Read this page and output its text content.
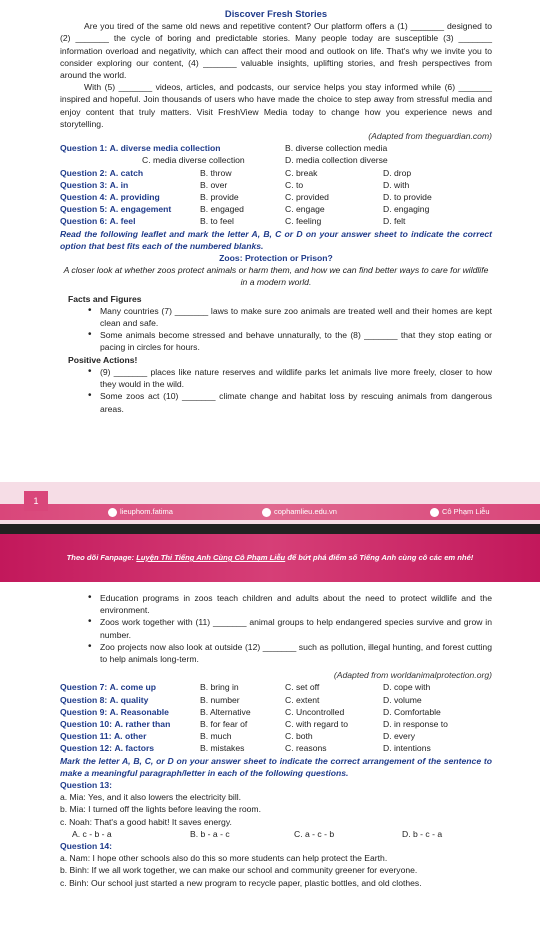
Discover Fresh Stories

Are you tired of the same old news and repetitive content? Our platform offers a (1) _______ designed to (2) _______ the cycle of boring and predictable stories. Many people today are susceptible (3) _______ information overload and negativity, which can affect their mood and outlook on life. That's why we invite you to consider exploring our content, (4) _______ valuable insights, uplifting stories, and fresh perspectives from around the world.

With (5) _______ videos, articles, and podcasts, our service helps you stay informed while (6) _______ inspired and hopeful. Join thousands of users who have made the choice to step away from stressful media and enjoy content that truly matters. Visit FreshView Media today to change how you experience news and storytelling.

(Adapted from theguardian.com)
Question 1: A. diverse media collection	B. diverse collection media
C. media diverse collection	D. media collection diverse
Question 2: A. catch	B. throw	C. break	D. drop
Question 3: A. in	B. over	C. to	D. with
Question 4: A. providing	B. provide	C. provided	D. to provide
Question 5: A. engagement	B. engaged	C. engage	D. engaging
Question 6: A. feel	B. to feel	C. feeling	D. felt

Read the following leaflet and mark the letter A, B, C or D on your answer sheet to indicate the correct option that best fits each of the numbered blanks.

Zoos: Protection or Prison?

A closer look at whether zoos protect animals or harm them, and how we can find better ways to care for wildlife in a modern world.

Facts and Figures
• Many countries (7) _______ laws to make sure zoo animals are treated well and their homes are kept clean and safe.
• Some animals become stressed and behave unnaturally, to the (8) _______ that they stop eating or pacing in circles for hours.
Positive Actions!
• (9) _______ places like nature reserves and wildlife parks let animals live more freely, closer to how they would in the wild.
• Some zoos act (10) _______ climate change and habitat loss by rescuing animals from dangerous areas.
1
lieuphom.fatima	cophamlieu.edu.vn	Cô Phạm Liễu
Theo dõi Fanpage: Luyện Thi Tiếng Anh Cùng Cô Phạm Liễu để bứt phá điểm số Tiếng Anh cùng cô các em nhé!
• Education programs in zoos teach children and adults about the need to protect wildlife and the environment.
• Zoos work together with (11) _______ animal groups to help endangered species survive and grow in number.
• Zoo projects now also look at outside (12) _______ such as pollution, illegal hunting, and forest cutting to help animals long-term.
(Adapted from worldanimalprotection.org)
Question 7: A. come up	B. bring in	C. set off	D. cope with
Question 8: A. quality	B. number	C. extent	D. volume
Question 9: A. Reasonable	B. Alternative	C. Uncontrolled	D. Comfortable
Question 10: A. rather than	B. for fear of	C. with regard to	D. in response to
Question 11: A. other	B. much	C. both	D. every
Question 12: A. factors	B. mistakes	C. reasons	D. intentions

Mark the letter A, B, C, or D on your answer sheet to indicate the correct arrangement of the sentence to make a meaningful paragraph/letter in each of the following questions.

Question 13:
a. Mia: Yes, and it also lowers the electricity bill.
b. Mia: I turned off the lights before leaving the room.
c. Noah: That's a good habit! It saves energy.
A. c - b - a	B. b - a - c	C. a - c - b	D. b - c - a
Question 14:
a. Nam: I hope other schools also do this so more students can help protect the Earth.
b. Binh: If we all work together, we can make our school and community greener for everyone.
c. Binh: Our school just started a new program to recycle paper, plastic bottles, and old clothes.
